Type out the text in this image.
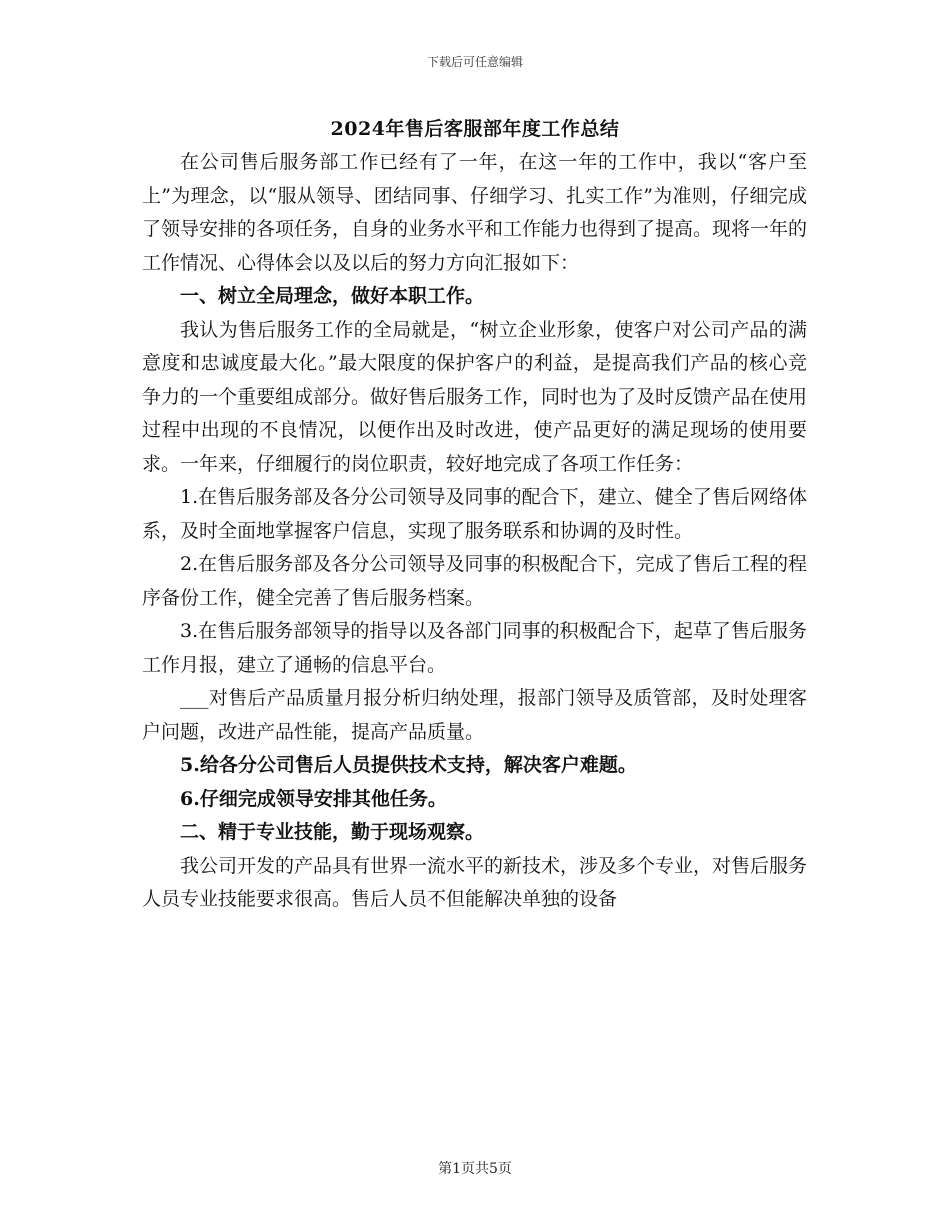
下载后可任意编辑
2024年售后客服部年度工作总结

在公司售后服务部工作已经有了一年，在这一年的工作中，我以“客户至上”为理念，以“服从领导、团结同事、仔细学习、扎实工作”为准则，仔细完成了领导安排的各项任务，自身的业务水平和工作能力也得到了提高。现将一年的工作情况、心得体会以及以后的努力方向汇报如下：

一、树立全局理念，做好本职工作。

我认为售后服务工作的全局就是，“树立企业形象，使客户对公司产品的满意度和忠诚度最大化。”最大限度的保护客户的利益，是提高我们产品的核心竞争力的一个重要组成部分。做好售后服务工作，同时也为了及时反馈产品在使用过程中出现的不良情况，以便作出及时改进，使产品更好的满足现场的使用要求。一年来，仔细履行的岗位职责，较好地完成了各项工作任务：

1.在售后服务部及各分公司领导及同事的配合下，建立、健全了售后网络体系，及时全面地掌握客户信息，实现了服务联系和协调的及时性。

2.在售后服务部及各分公司领导及同事的积极配合下，完成了售后工程的程序备份工作，健全完善了售后服务档案。

3.在售后服务部领导的指导以及各部门同事的积极配合下，起草了售后服务工作月报，建立了通畅的信息平台。

___对售后产品质量月报分析归纳处理，报部门领导及质管部，及时处理客户问题，改进产品性能，提高产品质量。

5.给各分公司售后人员提供技术支持，解决客户难题。

6.仔细完成领导安排其他任务。

二、精于专业技能，勤于现场观察。

我公司开发的产品具有世界一流水平的新技术，涉及多个专业，对售后服务人员专业技能要求很高。售后人员不但能解决单独的设备

第1页共5页
